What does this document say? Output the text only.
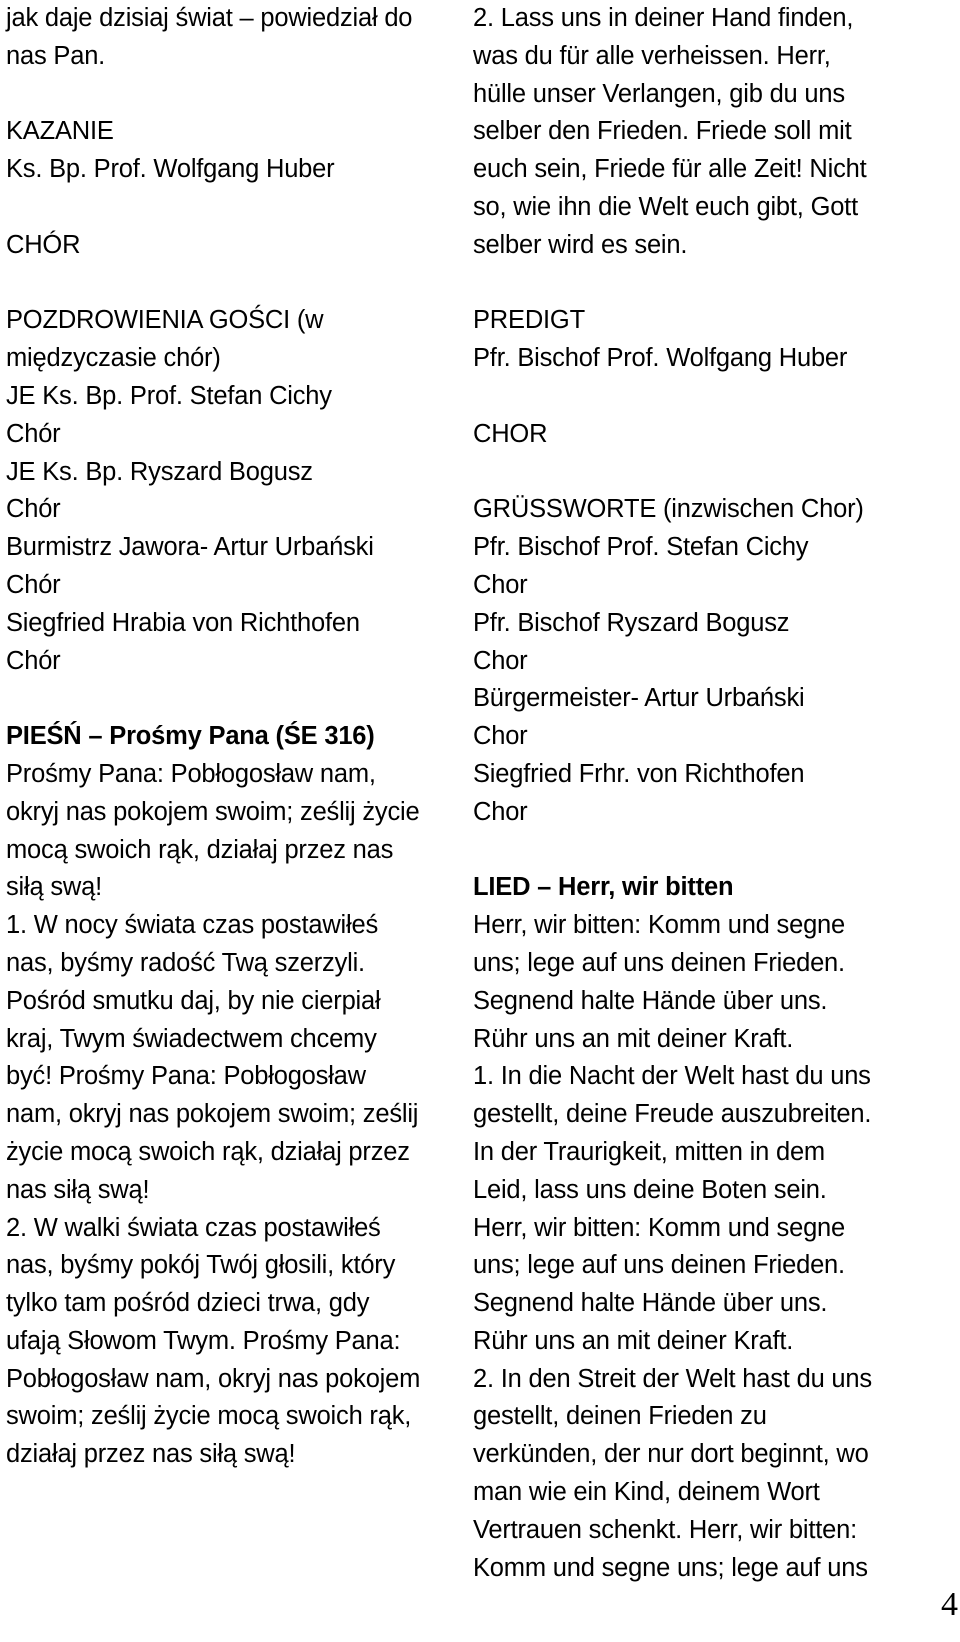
jak daje dzisiaj świat – powiedział do
nas Pan.
KAZANIE
Ks. Bp. Prof. Wolfgang Huber
CHÓR
POZDROWIENIA GOŚCI (w
międzyczasie chór)
JE Ks. Bp. Prof. Stefan Cichy
Chór
JE Ks. Bp. Ryszard Bogusz
Chór
Burmistrz Jawora- Artur Urbański
Chór
Siegfried Hrabia von Richthofen
Chór
PIEŚŃ – Prośmy Pana (ŚE 316)
Prośmy Pana: Pobłogosław nam,
okryj nas pokojem swoim; ześlij życie
mocą swoich rąk, działaj przez nas
siłą swą!
1. W nocy świata czas postawiłeś
nas, byśmy radość Twą szerzyli.
Pośród smutku daj, by nie cierpiał
kraj, Twym świadectwem chcemy
być! Prośmy Pana: Pobłogosław
nam, okryj nas pokojem swoim; ześlij
życie mocą swoich rąk, działaj przez
nas siłą swą!
2. W walki świata czas postawiłeś
nas, byśmy pokój Twój głosili, który
tylko tam pośród dzieci trwa, gdy
ufają Słowom Twym. Prośmy Pana:
Pobłogosław nam, okryj nas pokojem
swoim; ześlij życie mocą swoich rąk,
działaj przez nas siłą swą!
2. Lass uns in deiner Hand finden,
was du für alle verheissen. Herr,
hülle unser Verlangen, gib du uns
selber den Frieden. Friede soll mit
euch sein, Friede für alle Zeit! Nicht
so, wie ihn die Welt euch gibt, Gott
selber wird es sein.
PREDIGT
Pfr. Bischof Prof. Wolfgang Huber
CHOR
GRÜSSWORTE (inzwischen Chor)
Pfr. Bischof Prof. Stefan Cichy
Chor
Pfr. Bischof Ryszard Bogusz
Chor
Bürgermeister- Artur Urbański
Chor
Siegfried Frhr. von Richthofen
Chor
LIED – Herr, wir bitten
Herr, wir bitten: Komm und segne
uns; lege auf uns deinen Frieden.
Segnend halte Hände über uns.
Rühr uns an mit deiner Kraft.
1. In die Nacht der Welt hast du uns
gestellt, deine Freude auszubreiten.
In der Traurigkeit, mitten in dem
Leid, lass uns deine Boten sein.
Herr, wir bitten: Komm und segne
uns; lege auf uns deinen Frieden.
Segnend halte Hände über uns.
Rühr uns an mit deiner Kraft.
2. In den Streit der Welt hast du uns
gestellt, deinen Frieden zu
verkünden, der nur dort beginnt, wo
man wie ein Kind, deinem Wort
Vertrauen schenkt. Herr, wir bitten:
Komm und segne uns; lege auf uns
4
